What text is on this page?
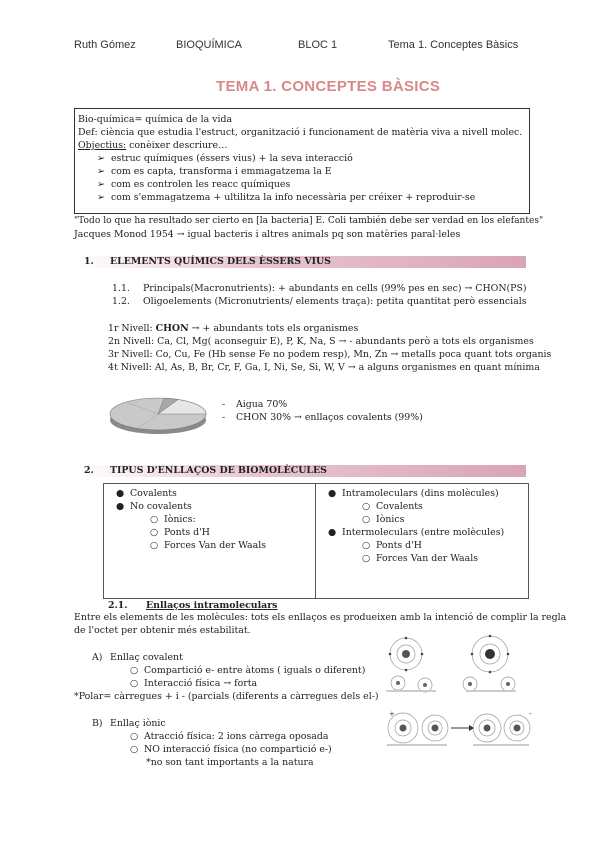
Ruth Gómez	BIOQUÍMICA	BLOC 1	Tema 1. Conceptes Bàsics
TEMA 1. CONCEPTES BÀSICS
Bio-química= química de la vida
Def: ciència que estudia l'estruct, organització i funcionament de matèria viva a nivell molec.
Objectius: conèixer descriure…
➢ estruc químiques (éssers vius) + la seva interacció
➢ com es capta, transforma i emmagatzema la E
➢ com es controlen les reacc químiques
➢ com s'emmagatzema + ultilitza la info necessària per créixer + reproduir-se
"Todo lo que ha resultado ser cierto en [la bacteria] E. Coli también debe ser verdad en los elefantes"
Jacques Monod 1954 → igual bacteris i altres animals pq son matèries paral·leles
1. ELEMENTS QUÍMICS DELS ÈSSERS VIUS
1.1. Principals(Macronutrients): + abundants en cells (99% pes en sec) → CHON(PS)
1.2. Oligoelements (Micronutrients/ elements traça): petita quantitat però essencials
1r Nivell: CHON → + abundants tots els organismes
2n Nivell: Ca, Cl, Mg( aconseguir E), P, K, Na, S → - abundants però a tots els organismes
3r Nivell: Co, Cu, Fe (Hb sense Fe no podem resp), Mn, Zn → metalls poca quant tots organis
4t Nivell: Al, As, B, Br, Cr, F, Ga, I, Ni, Se, Si, W, V → a alguns organismes en quant mínima
- Aigua 70%
- CHON 30% → enllaços covalents (99%)
2. TIPUS D'ENLLAÇOS DE BIOMOLÈCULES
● Covalents
● No covalents
○ Iònics:
○ Ponts d'H
○ Forces Van der Waals
● Intramoleculars (dins molècules)
○ Covalents
○ Iònics
● Intermoleculars (entre molècules)
○ Ponts d'H
○ Forces Van der Waals
2.1. Enllaços intramoleculars
Entre els elements de les molècules: tots els enllaços es produeixen amb la intenció de complir la regla
de l'octet per obtenir més estabilitat.
A) Enllaç covalent
○ Compartició e- entre àtoms ( iguals o diferent)
○ Interacció física → forta
*Polar= càrregues + i - (parcials (diferents a càrregues dels el-)
B) Enllaç iònic
○ Atracció física: 2 ions càrrega oposada
○ NO interacció física (no compartició e-)
*no son tant importants a la natura
+	-
